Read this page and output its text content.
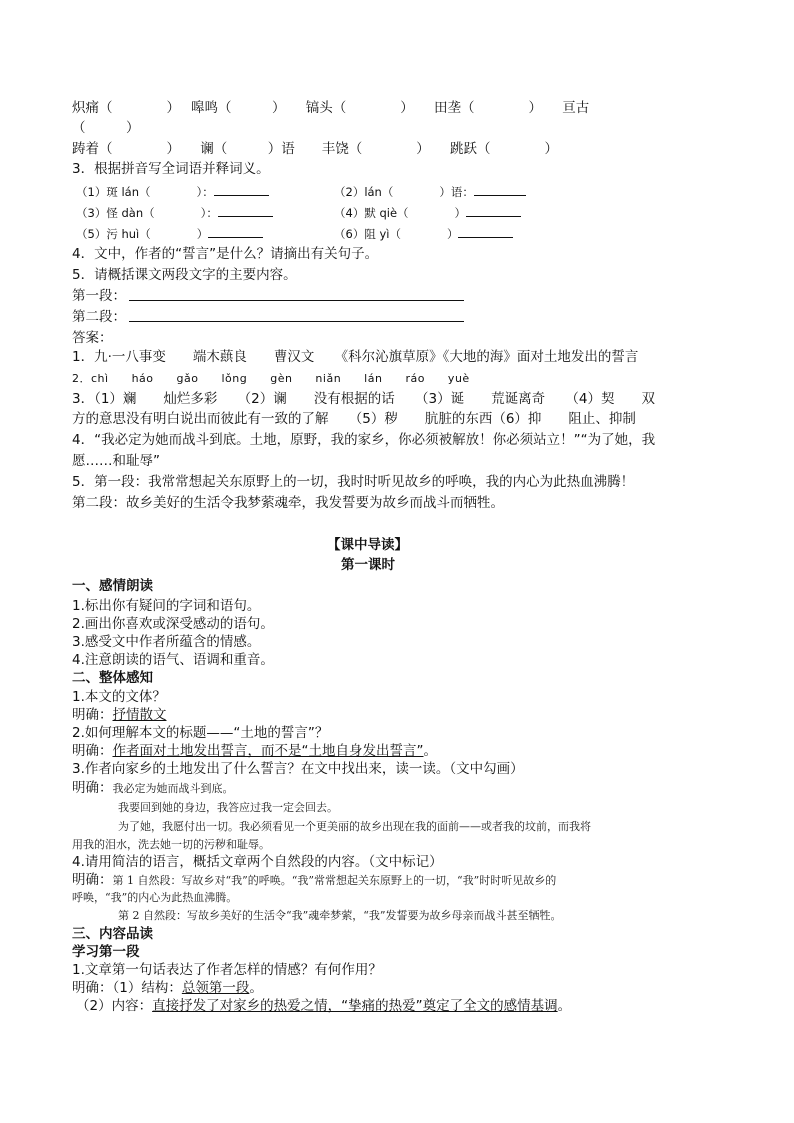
炽痛（　　　　）　 嗥鸣（　　　）　　镐头（　　　　）　　田垄（　　　　）　　亘古
（　　　）
踌着（　　　　）　　谰（　　　）语　　丰饶（　　　　）　　跳跃（　　　　）
3．根据拼音写全词语并释词义。
（1）斑 lán（　　　　）：	（2）lán（　　　　）语：
（3）怪 dàn（　　　　）：	（4）默 qiè（　　　　）
（5）污 huì（　　　　）	（6）阻 yì（　　　　）
4．文中，作者的“誓言”是什么？请摘出有关句子。
5．请概括课文两段文字的主要内容。
第一段：
第二段：
答案：
1．九·一八事变　　端木蕻良　　曹汉文　　《科尔沁旗草原》《大地的海》面对土地发出的誓言
2．chì　　háo　　gǎo　　lǒng　　gèn　　niǎn　　lán　　ráo　　yuè
3．（1）斓　　灿烂多彩　　（2）谰　　没有根据的话　　（3）诞　　荒诞离奇　　（4）契　　双
方的意思没有明白说出而彼此有一致的了解　　（5）秽　　肮脏的东西（6）抑　　阻止、抑制
4．“我必定为她而战斗到底。土地，原野，我的家乡，你必须被解放！你必须站立！”“为了她，我
愿……和耻辱”
5．第一段：我常常想起关东原野上的一切，我时时听见故乡的呼唤，我的内心为此热血沸腾！
第二段：故乡美好的生活令我梦萦魂牵，我发誓要为故乡而战斗而牺牲。
【课中导读】
第一课时
一、感情朗读
1.标出你有疑问的字词和语句。
2.画出你喜欢或深受感动的语句。
3.感受文中作者所蕴含的情感。
4.注意朗读的语气、语调和重音。
二、整体感知
1.本文的文体？
明确：抒情散文
2.如何理解本文的标题——“土地的誓言”？
明确：作者面对土地发出誓言，而不是“土地自身发出誓言”。
3.作者向家乡的土地发出了什么誓言？在文中找出来，读一读。（文中勾画）
明确：我必定为她而战斗到底。
我要回到她的身边，我答应过我一定会回去。
为了她，我愿付出一切。我必须看见一个更美丽的故乡出现在我的面前——或者我的坟前，而我将
用我的泪水，洗去她一切的污秽和耻辱。
4.请用简洁的语言，概括文章两个自然段的内容。（文中标记）
明确：第 1 自然段：写故乡对“我”的呼唤。“我”常常想起关东原野上的一切，“我”时时听见故乡的
呼唤，“我”的内心为此热血沸腾。
第 2 自然段：写故乡美好的生活令“我”魂牵梦萦，“我”发誓要为故乡母亲而战斗甚至牺牲。
三、内容品读
学习第一段
1.文章第一句话表达了作者怎样的情感？有何作用？
明确：（1）结构：总领第一段。
（2）内容：直接抒发了对家乡的热爱之情，“挚痛的热爱”奠定了全文的感情基调。
